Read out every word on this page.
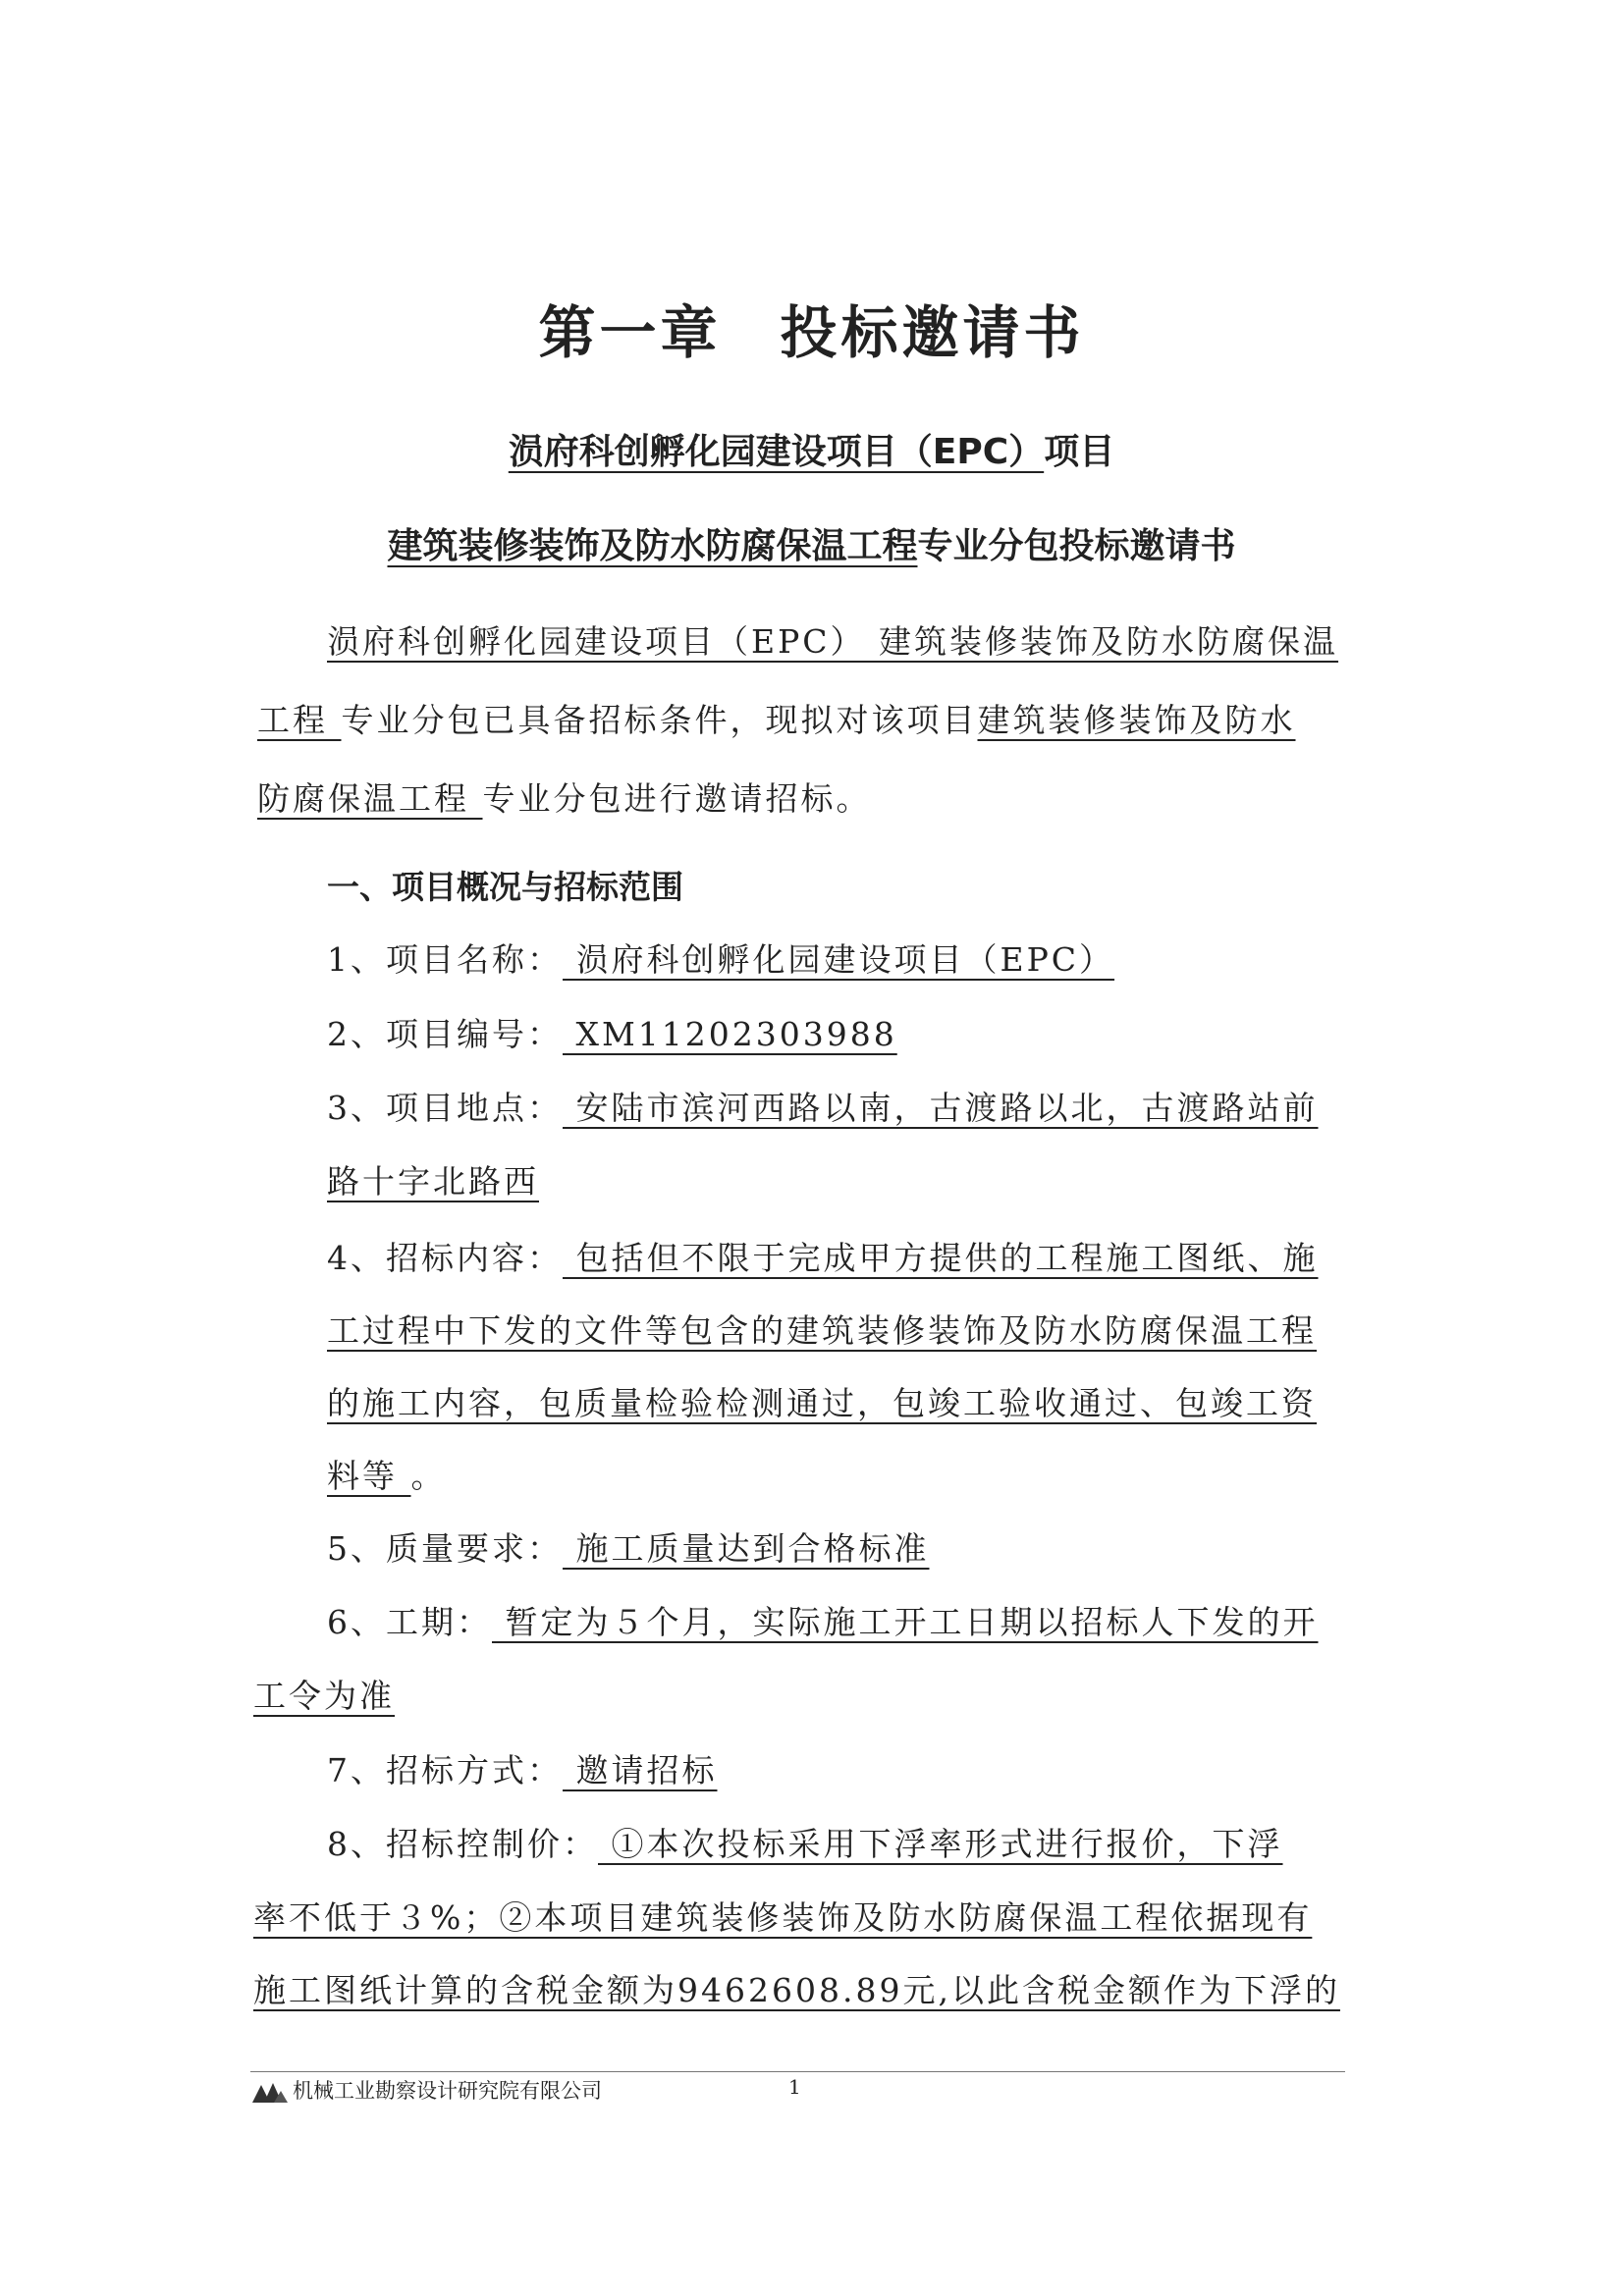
第一章 投标邀请书
涢府科创孵化园建设项目（EPC）项目
建筑装修装饰及防水防腐保温工程专业分包投标邀请书
涢府科创孵化园建设项目（EPC） 建筑装修装饰及防水防腐保温
工程 专业分包已具备招标条件，现拟对该项目建筑装修装饰及防水
防腐保温工程 专业分包进行邀请招标。
一、项目概况与招标范围
1、项目名称： 涢府科创孵化园建设项目（EPC）
2、项目编号： XM11202303988
3、项目地点： 安陆市滨河西路以南，古渡路以北，古渡路站前
路十字北路西
4、招标内容： 包括但不限于完成甲方提供的工程施工图纸、施
工过程中下发的文件等包含的建筑装修装饰及防水防腐保温工程
的施工内容，包质量检验检测通过，包竣工验收通过、包竣工资
料等 。
5、质量要求： 施工质量达到合格标准
6、工期： 暂定为５个月，实际施工开工日期以招标人下发的开
工令为准
7、招标方式： 邀请招标
8、招标控制价： ①本次投标采用下浮率形式进行报价，下浮
率不低于３%；②本项目建筑装修装饰及防水防腐保温工程依据现有
施工图纸计算的含税金额为9462608.89元,以此含税金额作为下浮的
机械工业勘察设计研究院有限公司	1
